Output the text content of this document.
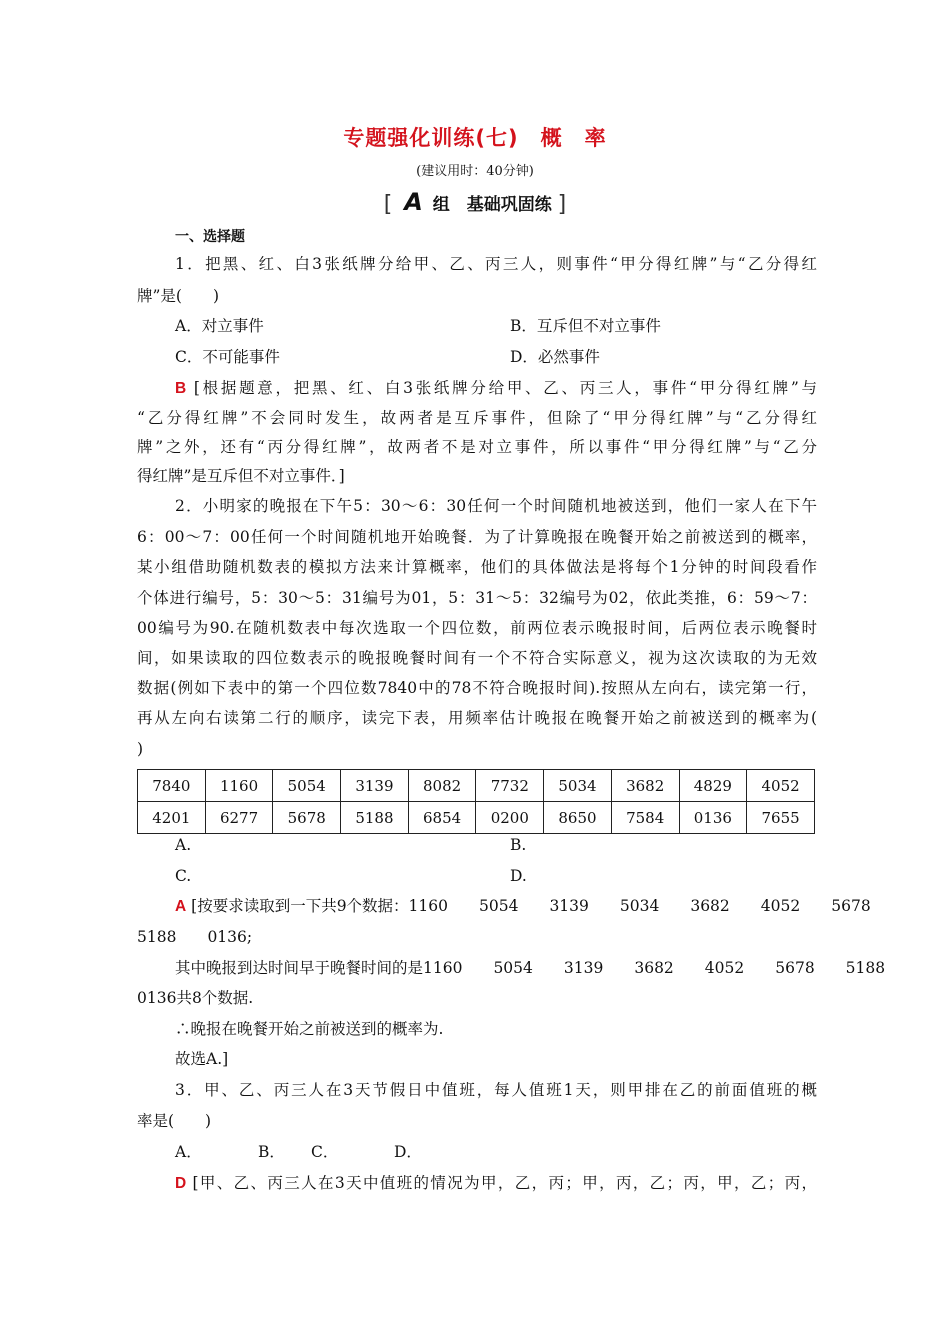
专题强化训练(七)　概　率
(建议用时：40分钟)
[ A 组　基础巩固练 ]
一、选择题
1．把黑、红、白3张纸牌分给甲、乙、丙三人，则事件“甲分得红牌”与“乙分得红
牌”是(　　)
A．对立事件	B．互斥但不对立事件
C．不可能事件	D．必然事件
B [根据题意，把黑、红、白3张纸牌分给甲、乙、丙三人，事件“甲分得红牌”与
“乙分得红牌”不会同时发生，故两者是互斥事件，但除了“甲分得红牌”与“乙分得红
牌”之外，还有“丙分得红牌”，故两者不是对立事件，所以事件“甲分得红牌”与“乙分
得红牌”是互斥但不对立事件．]
2．小明家的晚报在下午5：30～6：30任何一个时间随机地被送到，他们一家人在下午
6：00～7：00任何一个时间随机地开始晚餐．为了计算晚报在晚餐开始之前被送到的概率，
某小组借助随机数表的模拟方法来计算概率，他们的具体做法是将每个1分钟的时间段看作
个体进行编号，5：30～5：31编号为01，5：31～5：32编号为02，依此类推，6：59～7：
00编号为90.在随机数表中每次选取一个四位数，前两位表示晚报时间，后两位表示晚餐时
间，如果读取的四位数表示的晚报晚餐时间有一个不符合实际意义，视为这次读取的为无效
数据(例如下表中的第一个四位数7840中的78不符合晚报时间).按照从左向右，读完第一行，
再从左向右读第二行的顺序，读完下表，用频率估计晚报在晚餐开始之前被送到的概率为(
)
7840	1160	5054	3139	8082	7732	5034	3682	4829	4052
4201	6277	5678	5188	6854	0200	8650	7584	0136	7655
A.	B.
C.	D.
A [按要求读取到一下共9个数据：1160　　5054　　3139　　5034　　3682　　4052　　5678
5188　　0136;
其中晚报到达时间早于晚餐时间的是1160　　5054　　3139　　3682　　4052　　5678　　5188
0136共8个数据.
∴晚报在晚餐开始之前被送到的概率为.
故选A.]
3．甲、乙、丙三人在3天节假日中值班，每人值班1天，则甲排在乙的前面值班的概
率是(　　)
A．	B． C．	D．
D [甲、乙、丙三人在3天中值班的情况为甲，乙，丙；甲，丙，乙；丙，甲，乙；丙，
